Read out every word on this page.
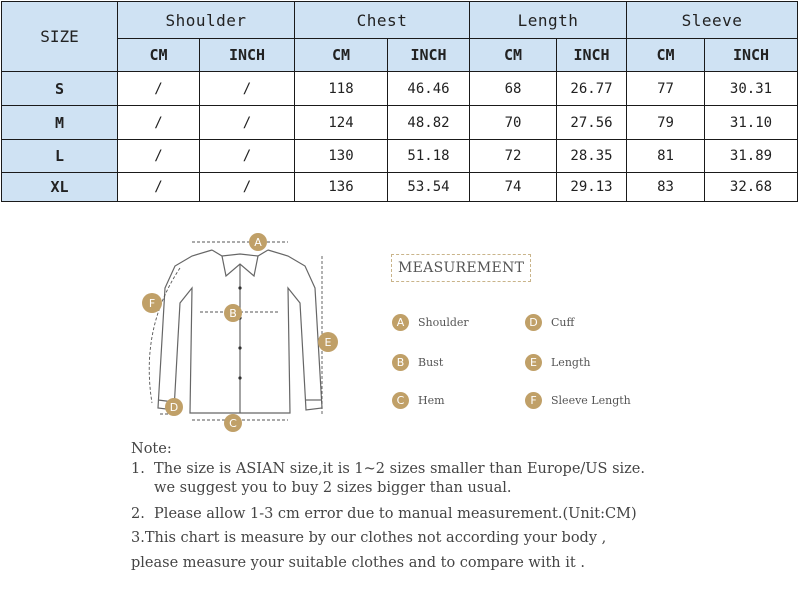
SIZE	Shoulder		Chest		Length		Sleeve	
	CM	INCH	CM	INCH	CM	INCH	CM	INCH
S	/	/	118	46.46	68	26.77	77	30.31
M	/	/	124	48.82	70	27.56	79	31.10
L	/	/	130	51.18	72	28.35	81	31.89
XL	/	/	136	53.54	74	29.13	83	32.68
A
B
C
D
E
F
MEASUREMENT
A	Shoulder
B	Bust
C	Hem
D	Cuff
E	Length
F	Sleeve Length
Note:
1.  The size is ASIAN size,it is 1~2 sizes smaller than Europe/US size.
we suggest you to buy 2 sizes bigger than usual.
2.  Please allow 1-3 cm error due to manual measurement.(Unit:CM)
3.This chart is measure by our clothes not according your body ,
please measure your suitable clothes and to compare with it .
